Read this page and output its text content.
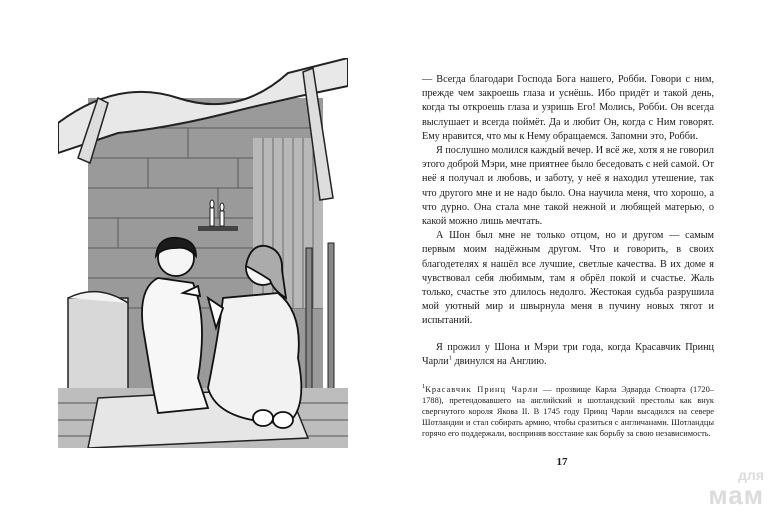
— Всегда благодари Господа Бога нашего, Робби. Говори с ним, прежде чем закроешь глаза и уснёшь. Ибо придёт и такой день, когда ты откроешь глаза и узришь Его! Молись, Робби. Он всегда выслушает и всегда поймёт. Да и любит Он, когда с Ним говорят. Ему нравится, что мы к Нему обращаемся. Запомни это, Робби.

Я послушно молился каждый вечер. И всё же, хотя я не говорил этого доброй Мэри, мне приятнее было беседовать с ней самой. От неё я получал и любовь, и заботу, у неё я находил утешение, так что другого мне и не надо было. Она научила меня, что хорошо, а что дурно. Она стала мне такой нежной и любящей матерью, о какой можно лишь мечтать.

А Шон был мне не только отцом, но и другом — самым первым моим надёжным другом. Что и говорить, в своих благодетелях я нашёл все лучшие, светлые качества. В их доме я чувствовал себя любимым, там я обрёл покой и счастье. Жаль только, счастье это длилось недолго. Жестокая судьба разрушила мой уютный мир и швырнула меня в пучину новых тягот и испытаний.

Я прожил у Шона и Мэри три года, когда Красавчик Принц Чарли$^1$ двинулся на Англию.

$^1$Красавчик Принц Чарли — прозвище Карла Эдварда Стюарта (1720–1788), претендовавшего на английский и шотландский престолы как внук свергнутого короля Якова II. В 1745 году Принц Чарли высадился на севере Шотландии и стал собирать армию, чтобы сразиться с англичанами. Шотландцы горячо его поддержали, восприняв восстание как борьбу за свою независимость.
17
для
мам
